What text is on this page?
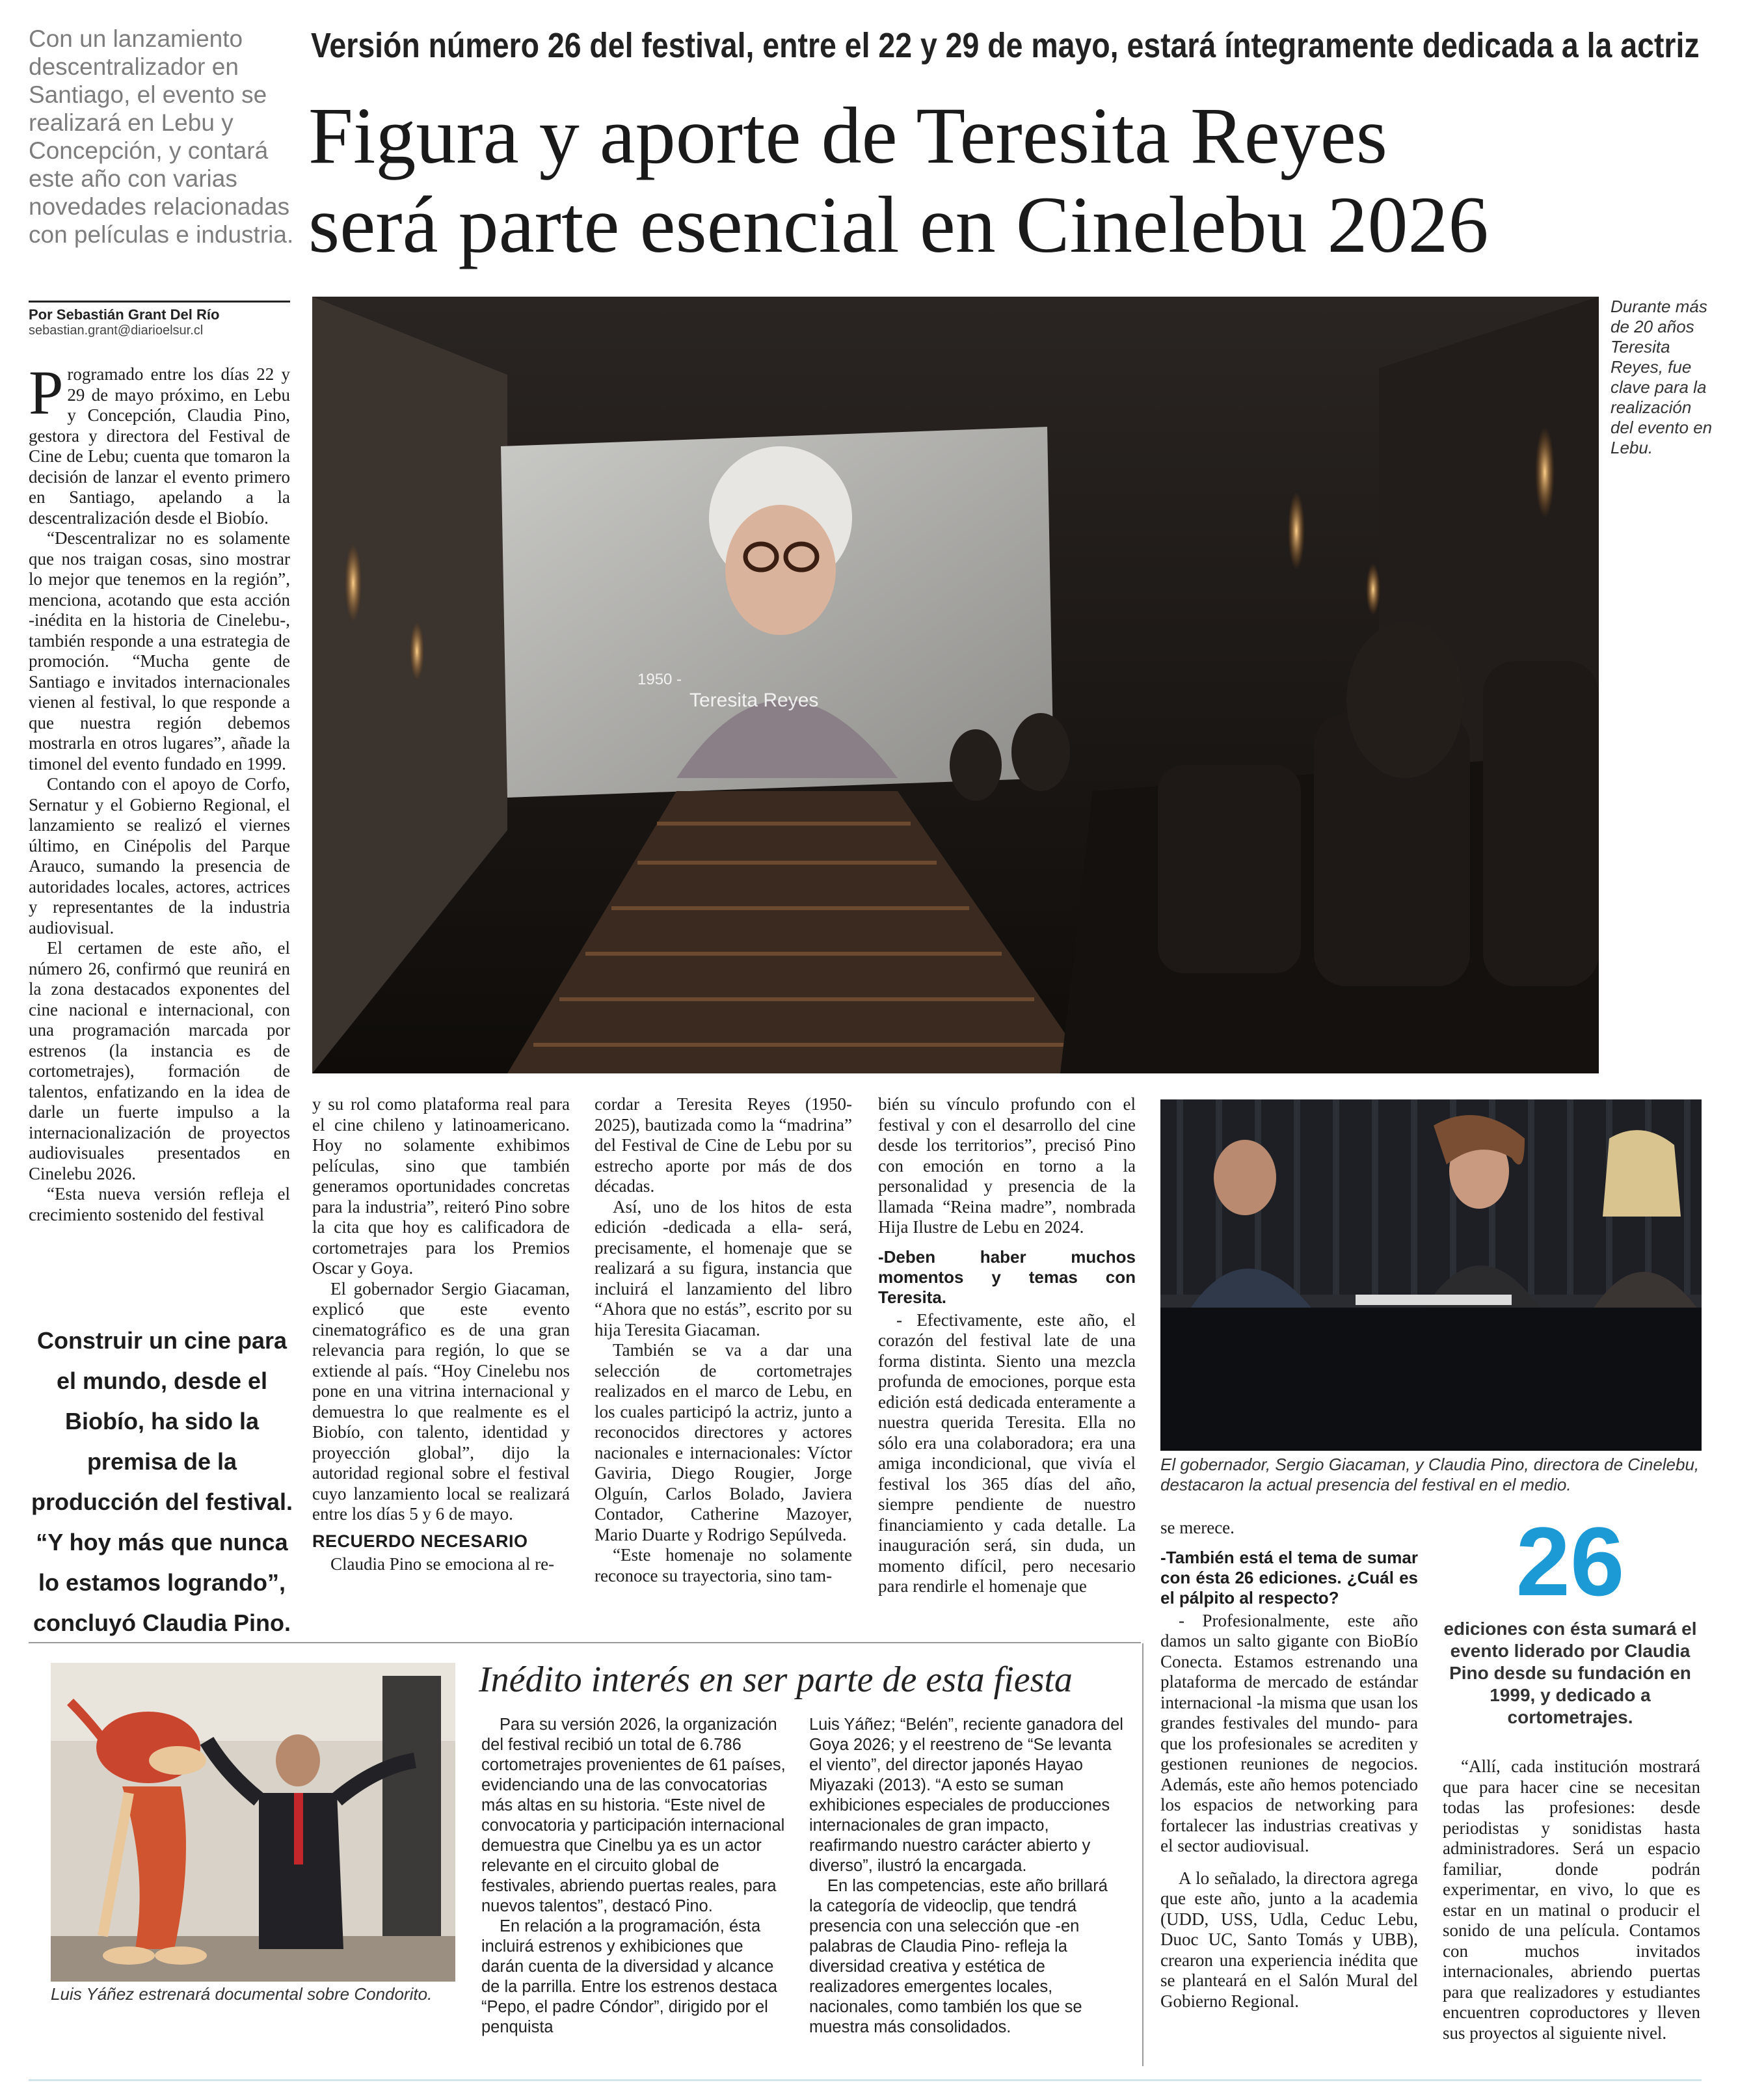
Con un lanzamiento descentralizador en Santiago, el evento se realizará en Lebu y Concepción, y contará este año con varias novedades relacionadas con películas e industria.
Por Sebastián Grant Del Río
sebastian.grant@diarioelsur.cl
Versión número 26 del festival, entre el 22 y 29 de mayo, estará íntegramente dedicada a la actriz
Figura y aporte de Teresita Reyes
será parte esencial en Cinelebu 2026
1950 -
Teresita Reyes
Durante más de 20 años Teresita Reyes, fue clave para la realización del evento en Lebu.

Programado entre los días 22 y 29 de mayo próximo, en Lebu y Concepción, Claudia Pino, gestora y directora del Festival de Cine de Lebu; cuenta que tomaron la decisión de lanzar el evento primero en Santiago, apelando a la descentralización desde el Biobío.

“Descentralizar no es solamente que nos traigan cosas, sino mostrar lo mejor que tenemos en la región”, menciona, acotando que esta acción -inédita en la historia de Cinelebu-, también responde a una estrategia de promoción. “Mucha gente de Santiago e invitados internacionales vienen al festival, lo que responde a que nuestra región debemos mostrarla en otros lugares”, añade la timonel del evento fundado en 1999.

Contando con el apoyo de Corfo, Sernatur y el Gobierno Regional, el lanzamiento se realizó el viernes último, en Cinépolis del Parque Arauco, sumando la presencia de autoridades locales, actores, actrices y representantes de la industria audiovisual.

El certamen de este año, el número 26, confirmó que reunirá en la zona destacados exponentes del cine nacional e internacional, con una programación marcada por estrenos (la instancia es de cortometrajes), formación de talentos, enfatizando en la idea de darle un fuerte impulso a la internacionalización de proyectos audiovisuales presentados en Cinelebu 2026.

“Esta nueva versión refleja el crecimiento sostenido del festival

Construir un cine para el mundo, desde el Biobío, ha sido la premisa de la producción del festival. “Y hoy más que nunca lo estamos logrando”, concluyó Claudia Pino.

y su rol como plataforma real para el cine chileno y latinoamericano. Hoy no solamente exhibimos películas, sino que también generamos oportunidades concretas para la industria”, reiteró Pino sobre la cita que hoy es calificadora de cortometrajes para los Premios Oscar y Goya.

El gobernador Sergio Giacaman, explicó que este evento cinematográfico es de una gran relevancia para región, lo que se extiende al país. “Hoy Cinelebu nos pone en una vitrina internacional y demuestra lo que realmente es el Biobío, con talento, identidad y proyección global”, dijo la autoridad regional sobre el festival cuyo lanzamiento local se realizará entre los días 5 y 6 de mayo.

RECUERDO NECESARIO

Claudia Pino se emociona al re-

cordar a Teresita Reyes (1950-2025), bautizada como la “madrina” del Festival de Cine de Lebu por su estrecho aporte por más de dos décadas.

Así, uno de los hitos de esta edición -dedicada a ella- será, precisamente, el homenaje que se realizará a su figura, instancia que incluirá el lanzamiento del libro “Ahora que no estás”, escrito por su hija Teresita Giacaman.

También se va a dar una selección de cortometrajes realizados en el marco de Lebu, en los cuales participó la actriz, junto a reconocidos directores y actores nacionales e internacionales: Víctor Gaviria, Diego Rougier, Jorge Olguín, Carlos Bolado, Javiera Contador, Catherine Mazoyer, Mario Duarte y Rodrigo Sepúlveda.

“Este homenaje no solamente reconoce su trayectoria, sino tam-

bién su vínculo profundo con el festival y con el desarrollo del cine desde los territorios”, precisó Pino con emoción en torno a la personalidad y presencia de la llamada “Reina madre”, nombrada Hija Ilustre de Lebu en 2024.

-Deben haber muchos momentos y temas con Teresita.

- Efectivamente, este año, el corazón del festival late de una forma distinta. Siento una mezcla profunda de emociones, porque esta edición está dedicada enteramente a nuestra querida Teresita. Ella no sólo era una colaboradora; era una amiga incondicional, que vivía el festival los 365 días del año, siempre pendiente de nuestro financiamiento y cada detalle. La inauguración será, sin duda, un momento difícil, pero necesario para rendirle el homenaje que

El gobernador, Sergio Giacaman, y Claudia Pino, directora de Cinelebu, destacaron la actual presencia del festival en el medio.

se merece.

-También está el tema de sumar con ésta 26 ediciones. ¿Cuál es el pálpito al respecto?

- Profesionalmente, este año damos un salto gigante con BioBío Conecta. Estamos estrenando una plataforma de mercado de estándar internacional -la misma que usan los grandes festivales del mundo- para que los profesionales se acrediten y gestionen reuniones de negocios. Además, este año hemos potenciado los espacios de networking para fortalecer las industrias creativas y el sector audiovisual.

A lo señalado, la directora agrega que este año, junto a la academia (UDD, USS, Udla, Ceduc Lebu, Duoc UC, Santo Tomás y UBB), crearon una experiencia inédita que se planteará en el Salón Mural del Gobierno Regional.

26
ediciones con ésta sumará el evento liderado por Claudia Pino desde su fundación en 1999, y dedicado a cortometrajes.

“Allí, cada institución mostrará que para hacer cine se necesitan todas las profesiones: desde periodistas y sonidistas hasta administradores. Será un espacio familiar, donde podrán experimentar, en vivo, lo que es estar en un matinal o producir el sonido de una película. Contamos con muchos invitados internacionales, abriendo puertas para que realizadores y estudiantes encuentren coproductores y lleven sus proyectos al siguiente nivel.

Luis Yáñez estrenará documental sobre Condorito.
Inédito interés en ser parte de esta fiesta

Para su versión 2026, la organización del festival recibió un total de 6.786 cortometrajes provenientes de 61 países, evidenciando una de las convocatorias más altas en su historia. “Este nivel de convocatoria y participación internacional demuestra que Cinelbu ya es un actor relevante en el circuito global de festivales, abriendo puertas reales, para nuevos talentos”, destacó Pino.

En relación a la programación, ésta incluirá estrenos y exhibiciones que darán cuenta de la diversidad y alcance de la parrilla. Entre los estrenos destaca “Pepo, el padre Cóndor”, dirigido por el penquista

Luis Yáñez; “Belén”, reciente ganadora del Goya 2026; y el reestreno de “Se levanta el viento”, del director japonés Hayao Miyazaki (2013). “A esto se suman exhibiciones especiales de producciones internacionales de gran impacto, reafirmando nuestro carácter abierto y diverso”, ilustró la encargada.

En las competencias, este año brillará la categoría de videoclip, que tendrá presencia con una selección que -en palabras de Claudia Pino- refleja la diversidad creativa y estética de realizadores emergentes locales, nacionales, como también los que se muestra más consolidados.
